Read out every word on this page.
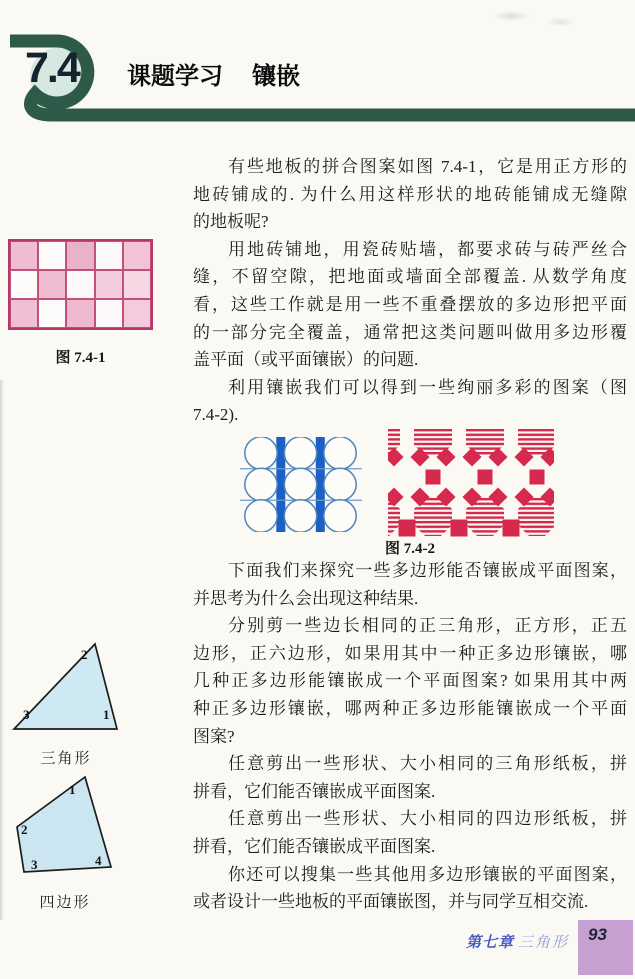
7.4 课题学习 镶嵌
图 7.4-1
有些地板的拼合图案如图 7.4-1，它是用正方形的
地砖铺成的. 为什么用这样形状的地砖能铺成无缝隙
的地板呢?
用地砖铺地，用瓷砖贴墙，都要求砖与砖严丝合
缝，不留空隙，把地面或墙面全部覆盖. 从数学角度
看，这些工作就是用一些不重叠摆放的多边形把平面
的一部分完全覆盖，通常把这类问题叫做用多边形覆
盖平面（或平面镶嵌）的问题.
利用镶嵌我们可以得到一些绚丽多彩的图案（图
7.4-2).
下面我们来探究一些多边形能否镶嵌成平面图案，
并思考为什么会出现这种结果.
分别剪一些边长相同的正三角形，正方形，正五
边形，正六边形，如果用其中一种正多边形镶嵌，哪
几种正多边形能镶嵌成一个平面图案? 如果用其中两
种正多边形镶嵌，哪两种正多边形能镶嵌成一个平面
图案?
任意剪出一些形状、大小相同的三角形纸板，拼
拼看，它们能否镶嵌成平面图案.
任意剪出一些形状、大小相同的四边形纸板，拼
拼看，它们能否镶嵌成平面图案.
你还可以搜集一些其他用多边形镶嵌的平面图案，
或者设计一些地板的平面镶嵌图，并与同学互相交流.
图 7.4-2
2
1
3
三角形
1
2
3	4
四边形
第七章 三角形 93
